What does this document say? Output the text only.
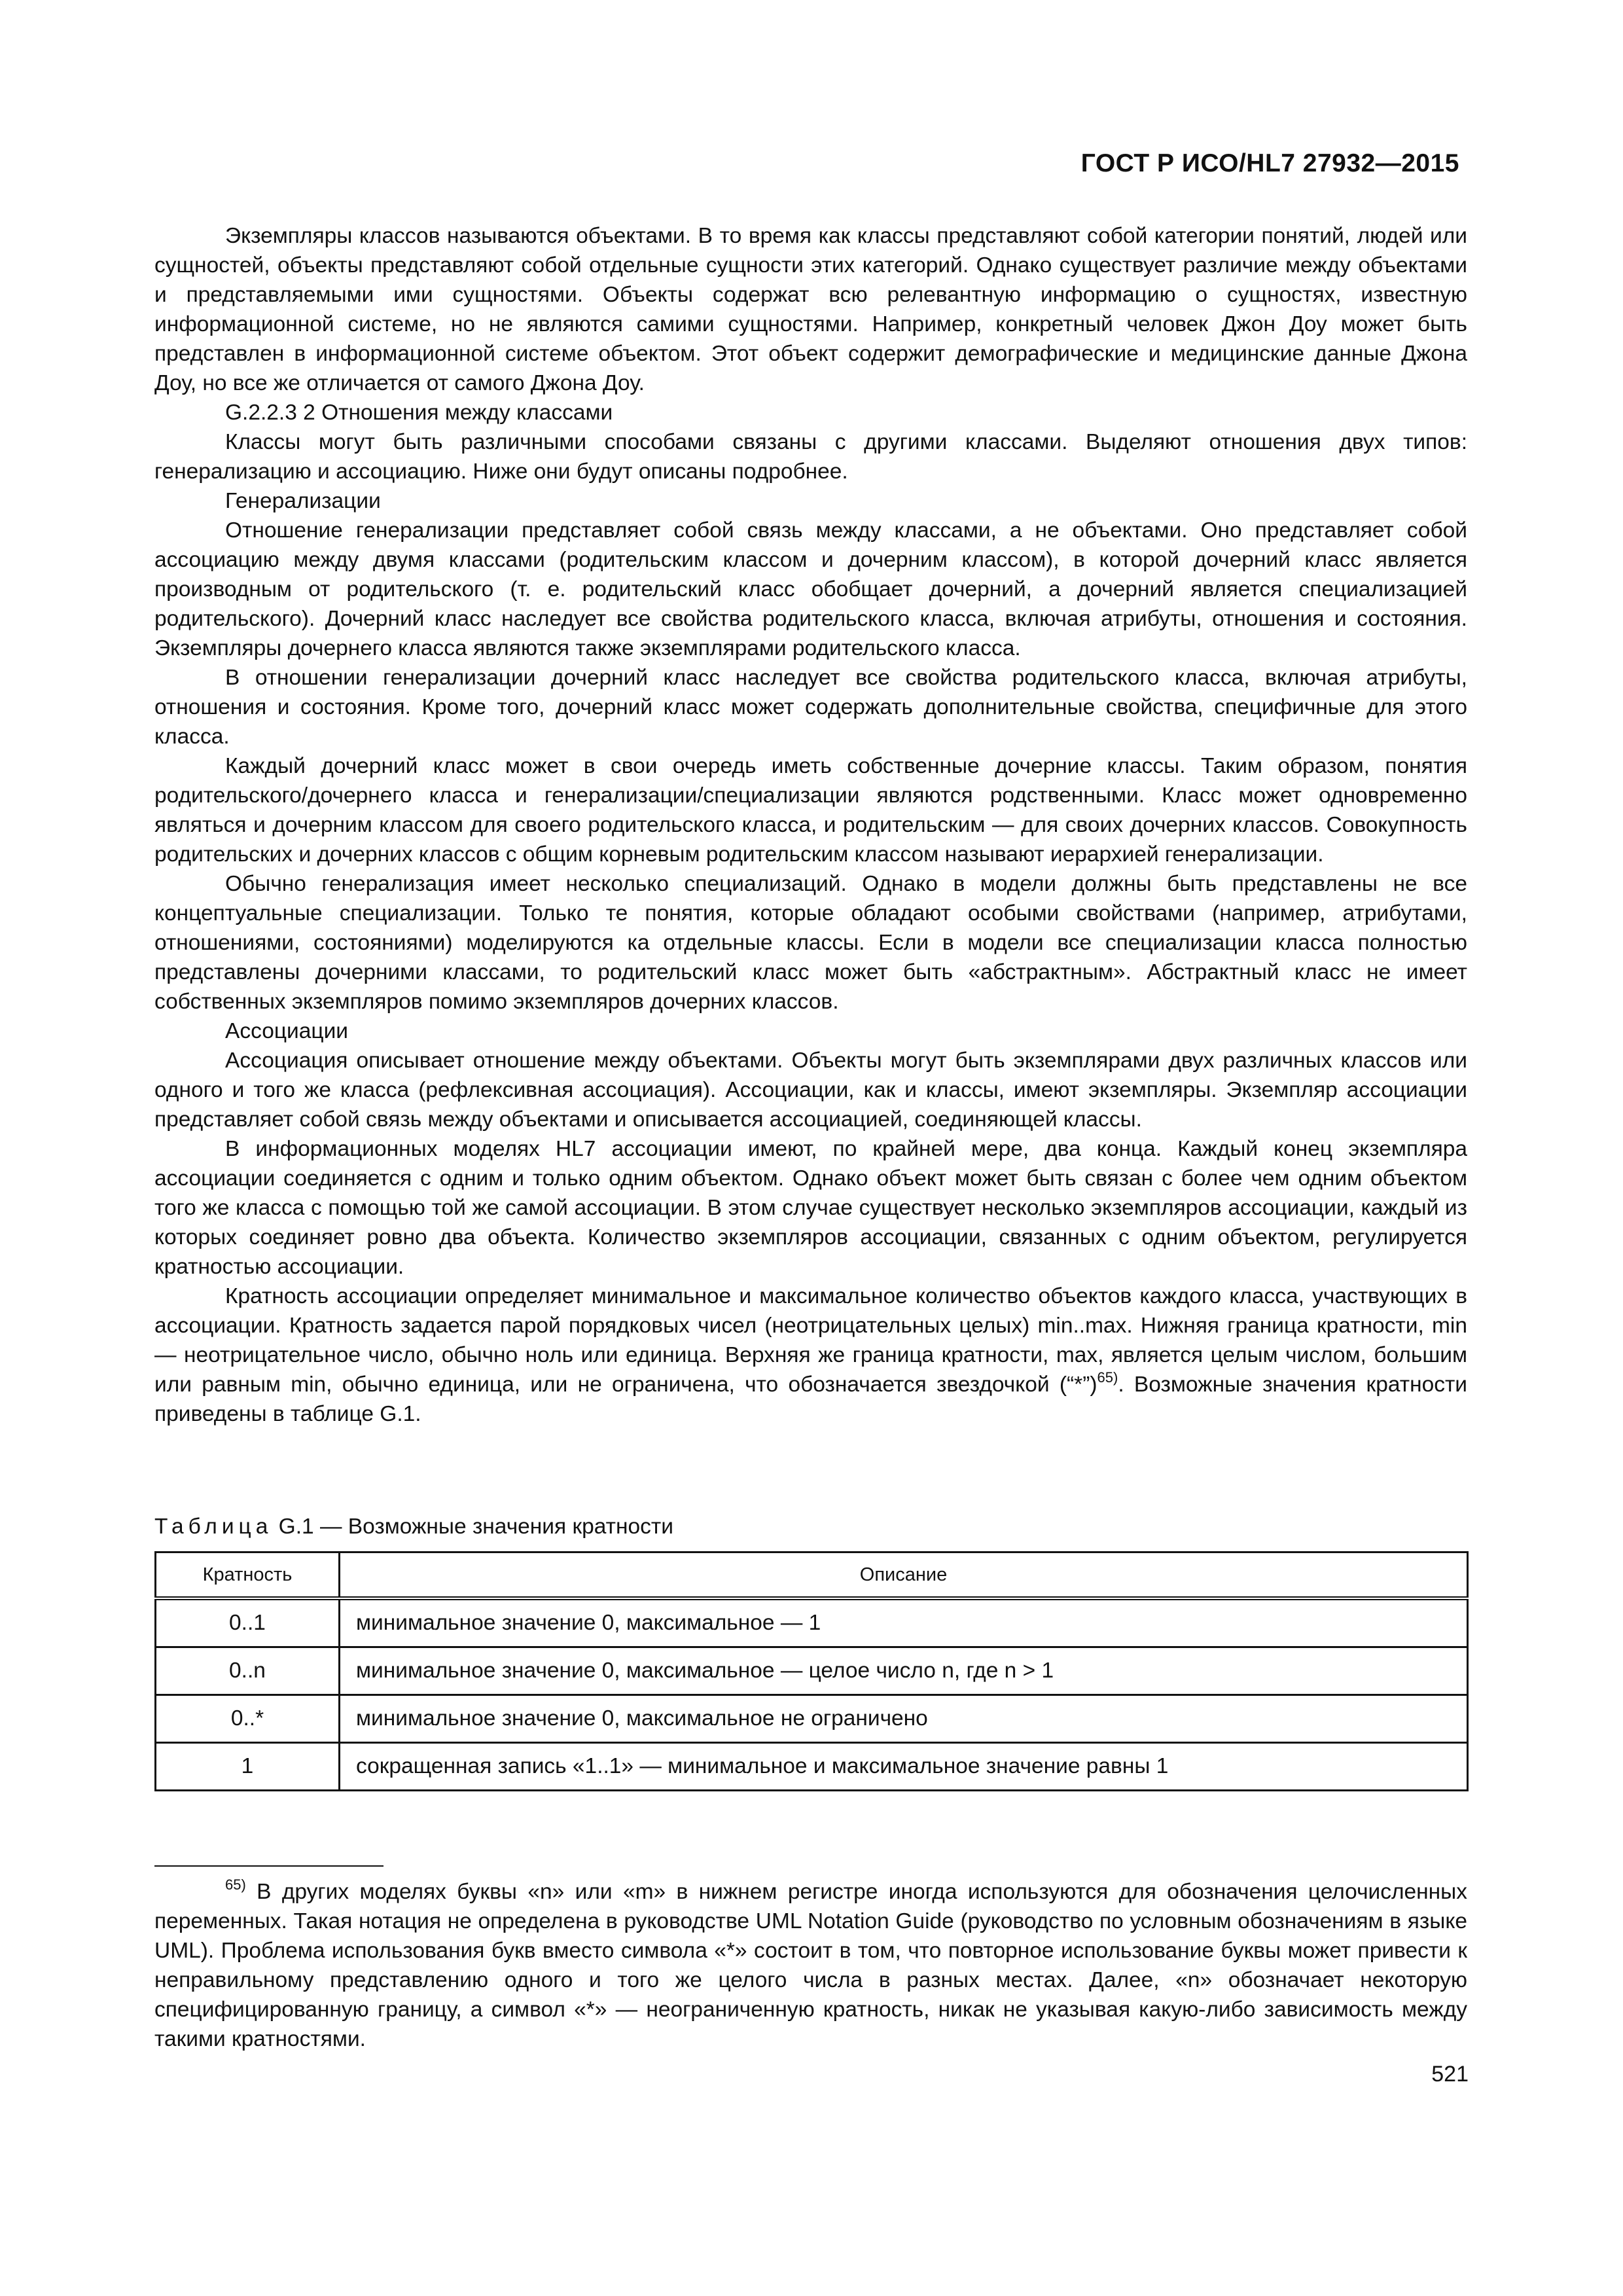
ГОСТ Р ИСО/HL7 27932—2015

Экземпляры классов называются объектами. В то время как классы представляют собой категории понятий, людей или сущностей, объекты представляют собой отдельные сущности этих категорий. Однако существует различие между объектами и представляемыми ими сущностями. Объекты содержат всю релевантную информацию о сущностях, известную информационной системе, но не являются самими сущностями. Например, конкретный человек Джон Доу может быть представлен в информационной системе объектом. Этот объект содержит демографические и медицинские данные Джона Доу, но все же отличается от самого Джона Доу.

G.2.2.3 2 Отношения между классами

Классы могут быть различными способами связаны с другими классами. Выделяют отношения двух типов: генерализацию и ассоциацию. Ниже они будут описаны подробнее.

Генерализации

Отношение генерализации представляет собой связь между классами, а не объектами. Оно представляет собой ассоциацию между двумя классами (родительским классом и дочерним классом), в которой дочерний класс является производным от родительского (т. е. родительский класс обобщает дочерний, а дочерний является специализацией родительского). Дочерний класс наследует все свойства родительского класса, включая атрибуты, отношения и состояния. Экземпляры дочернего класса являются также экземплярами родительского класса.

В отношении генерализации дочерний класс наследует все свойства родительского класса, включая атрибуты, отношения и состояния. Кроме того, дочерний класс может содержать дополнительные свойства, специфичные для этого класса.

Каждый дочерний класс может в свои очередь иметь собственные дочерние классы. Таким образом, понятия родительского/дочернего класса и генерализации/специализации являются родственными. Класс может одновременно являться и дочерним классом для своего родительского класса, и родительским — для своих дочерних классов. Совокупность родительских и дочерних классов с общим корневым родительским классом называют иерархией генерализации.

Обычно генерализация имеет несколько специализаций. Однако в модели должны быть представлены не все концептуальные специализации. Только те понятия, которые обладают особыми свойствами (например, атрибутами, отношениями, состояниями) моделируются ка отдельные классы. Если в модели все специализации класса полностью представлены дочерними классами, то родительский класс может быть «абстрактным». Абстрактный класс не имеет собственных экземпляров помимо экземпляров дочерних классов.

Ассоциации

Ассоциация описывает отношение между объектами. Объекты могут быть экземплярами двух различных классов или одного и того же класса (рефлексивная ассоциация). Ассоциации, как и классы, имеют экземпляры. Экземпляр ассоциации представляет собой связь между объектами и описывается ассоциацией, соединяющей классы.

В информационных моделях HL7 ассоциации имеют, по крайней мере, два конца. Каждый конец экземпляра ассоциации соединяется с одним и только одним объектом. Однако объект может быть связан с более чем одним объектом того же класса с помощью той же самой ассоциации. В этом случае существует несколько экземпляров ассоциации, каждый из которых соединяет ровно два объекта. Количество экземпляров ассоциации, связанных с одним объектом, регулируется кратностью ассоциации.

Кратность ассоциации определяет минимальное и максимальное количество объектов каждого класса, участвующих в ассоциации. Кратность задается парой порядковых чисел (неотрицательных целых) min..max. Нижняя граница кратности, min — неотрицательное число, обычно ноль или единица. Верхняя же граница кратности, max, является целым числом, большим или равным min, обычно единица, или не ограничена, что обозначается звездочкой (“*”)$^{65)}$. Возможные значения кратности приведены в таблице G.1.

Таблица G.1 — Возможные значения кратности
Кратность	Описание
0..1	минимальное значение 0, максимальное — 1
0..n	минимальное значение 0, максимальное — целое число n, где n > 1
0..*	минимальное значение 0, максимальное не ограничено
1	сокращенная запись «1..1» — минимальное и максимальное значение равны 1

$^{65)}$ В других моделях буквы «n» или «m» в нижнем регистре иногда используются для обозначения целочисленных переменных. Такая нотация не определена в руководстве UML Notation Guide (руководство по условным обозначениям в языке UML). Проблема использования букв вместо символа «*» состоит в том, что повторное использование буквы может привести к неправильному представлению одного и того же целого числа в разных местах. Далее, «n» обозначает некоторую специфицированную границу, а символ «*» — неограниченную кратность, никак не указывая какую-либо зависимость между такими кратностями.

521
